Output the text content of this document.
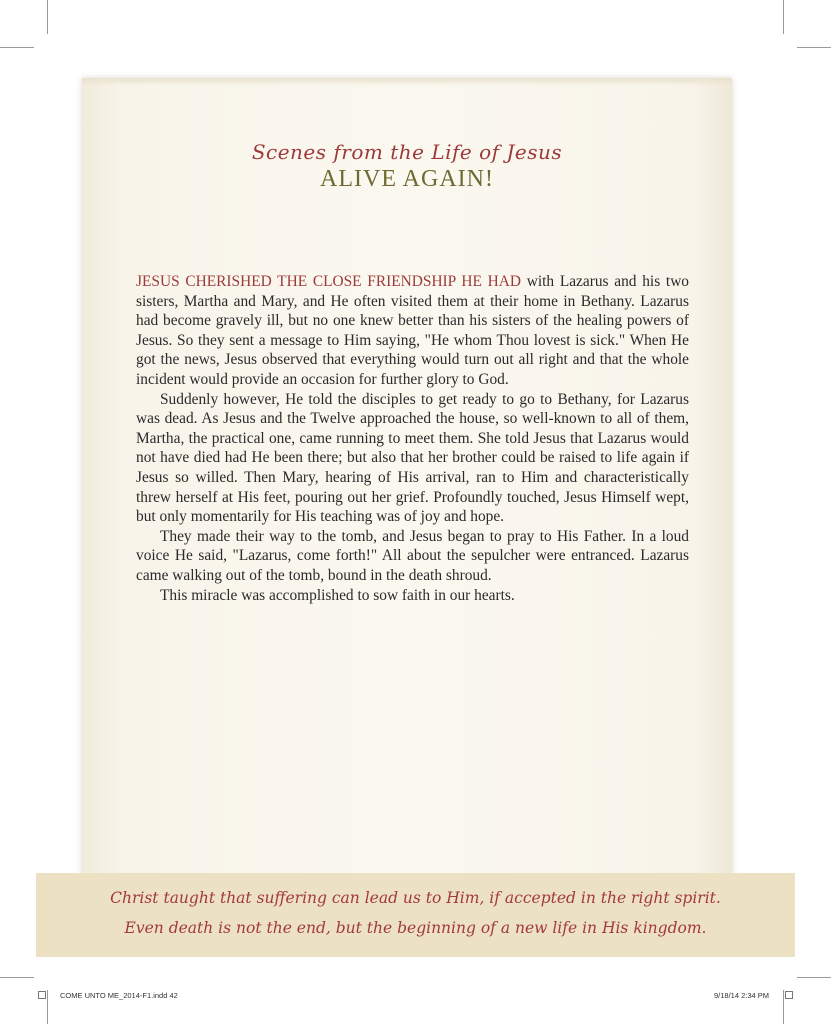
Scenes from the Life of Jesus
ALIVE AGAIN!

JESUS CHERISHED THE CLOSE FRIENDSHIP HE HAD with Lazarus and his two sisters, Martha and Mary, and He often visited them at their home in Bethany. Lazarus had become gravely ill, but no one knew better than his sisters of the healing powers of Jesus. So they sent a message to Him saying, "He whom Thou lovest is sick." When He got the news, Jesus observed that everything would turn out all right and that the whole incident would provide an occasion for further glory to God.

Suddenly however, He told the disciples to get ready to go to Bethany, for Lazarus was dead. As Jesus and the Twelve approached the house, so well-known to all of them, Martha, the practical one, came running to meet them. She told Jesus that Lazarus would not have died had He been there; but also that her brother could be raised to life again if Jesus so willed. Then Mary, hearing of His arrival, ran to Him and characteristically threw herself at His feet, pouring out her grief. Profoundly touched, Jesus Himself wept, but only momentarily for His teaching was of joy and hope.

They made their way to the tomb, and Jesus began to pray to His Father. In a loud voice He said, "Lazarus, come forth!" All about the sepulcher were entranced. Lazarus came walking out of the tomb, bound in the death shroud.

This miracle was accomplished to sow faith in our hearts.

Christ taught that suffering can lead us to Him, if accepted in the right spirit.
Even death is not the end, but the beginning of a new life in His kingdom.
COME UNTO ME_2014-F1.indd 42	9/18/14 2:34 PM
